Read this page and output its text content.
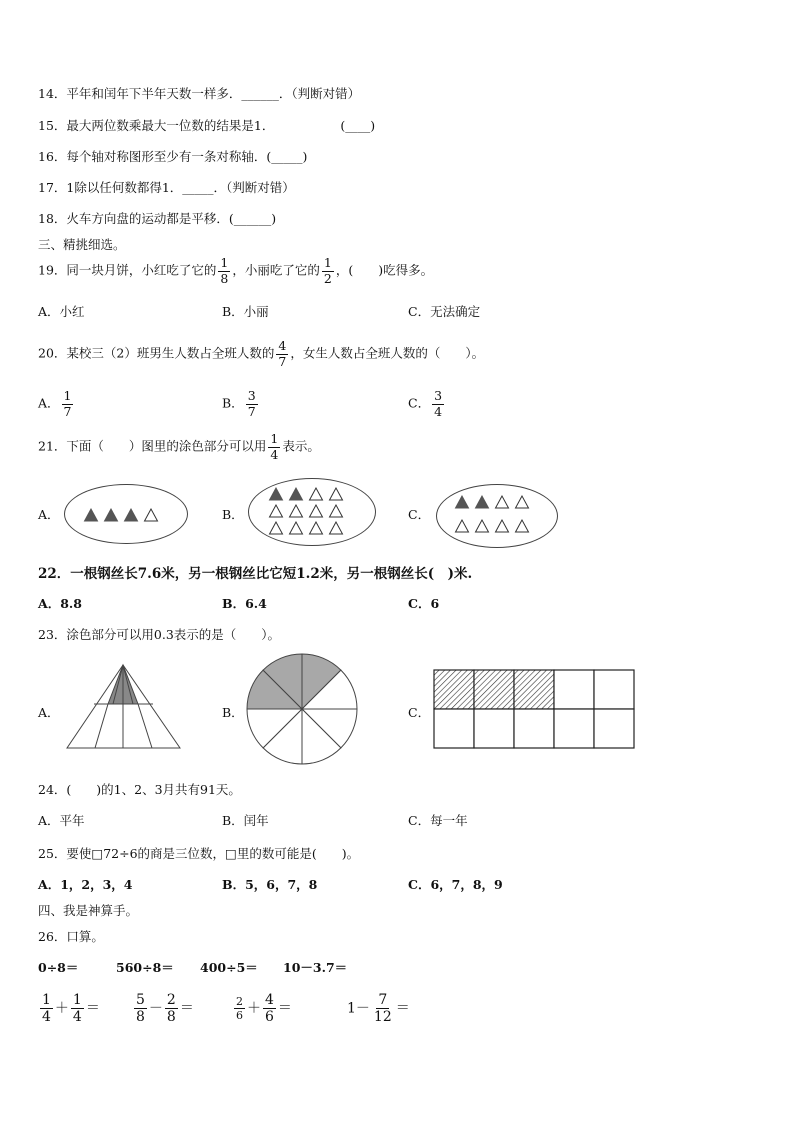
14．平年和闰年下半年天数一样多．______．（判断对错）
15．最大两位数乘最大一位数的结果是1．	(____)
16．每个轴对称图形至少有一条对称轴．(_____)
17．1除以任何数都得1．_____．（判断对错）
18．火车方向盘的运动都是平移．(______)
三、精挑细选。
19．同一块月饼，小红吃了它的 $\frac{1}{8}$ ，小丽吃了它的 $\frac{1}{2}$ ，(　　)吃得多。
A．小红	B．小丽	C．无法确定
20．某校三（2）班男生人数占全班人数的 $\frac{4}{7}$ ，女生人数占全班人数的（　　）。
A． $\frac{1}{7}$	B． $\frac{3}{7}$	C． $\frac{3}{4}$
21．下面（　　）图里的涂色部分可以用 $\frac{1}{4}$ 表示。
A．	B．	C．
22．一根钢丝长7.6米，另一根钢丝比它短1.2米，另一根钢丝长(　)米.
A．8.8	B．6.4	C．6
23．涂色部分可以用0.3表示的是（　　）。
A．	B．	C．
24．(　　)的1、2、3月共有91天。
A．平年	B．闰年	C．每一年
25．要使□72÷6的商是三位数，□里的数可能是(　　)。
A．1，2，3，4	B．5，6，7，8	C．6，7，8，9
四、我是神算手。
26．口算。
0÷8＝	560÷8＝ 400÷5＝ 10－3.7＝
$\frac{1}{4} + \frac{1}{4} = \frac{5}{8} - \frac{2}{8}$ ＝	$\frac{2}{6} + \frac{4}{6}$ ＝	$1- \frac{7}{12}$ ＝
